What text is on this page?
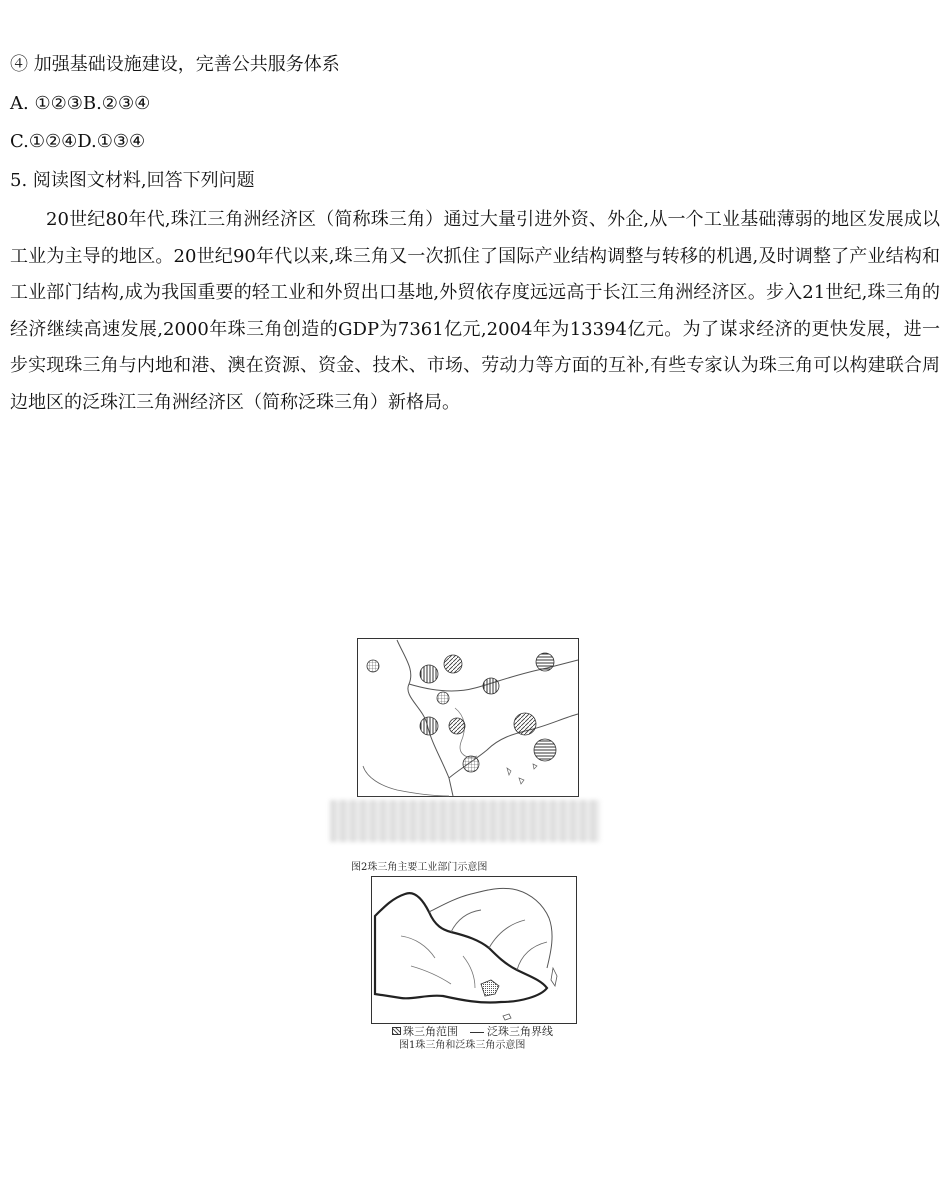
④ 加强基础设施建设，完善公共服务体系
A. ①②③B.②③④
C.①②④D.①③④
5. 阅读图文材料,回答下列问题
20世纪80年代,珠江三角洲经济区（简称珠三角）通过大量引进外资、外企,从一个工业基础薄弱的地区发展成以工业为主导的地区。20世纪90年代以来,珠三角又一次抓住了国际产业结构调整与转移的机遇,及时调整了产业结构和工业部门结构,成为我国重要的轻工业和外贸出口基地,外贸依存度远远高于长江三角洲经济区。步入21世纪,珠三角的经济继续高速发展,2000年珠三角创造的GDP为7361亿元,2004年为13394亿元。为了谋求经济的更快发展，进一步实现珠三角与内地和港、澳在资源、资金、技术、市场、劳动力等方面的互补,有些专家认为珠三角可以构建联合周边地区的泛珠江三角洲经济区（简称泛珠三角）新格局。
图2珠三角主要工业部门示意图
珠三角范围	泛珠三角界线
图1珠三角和泛珠三角示意图
